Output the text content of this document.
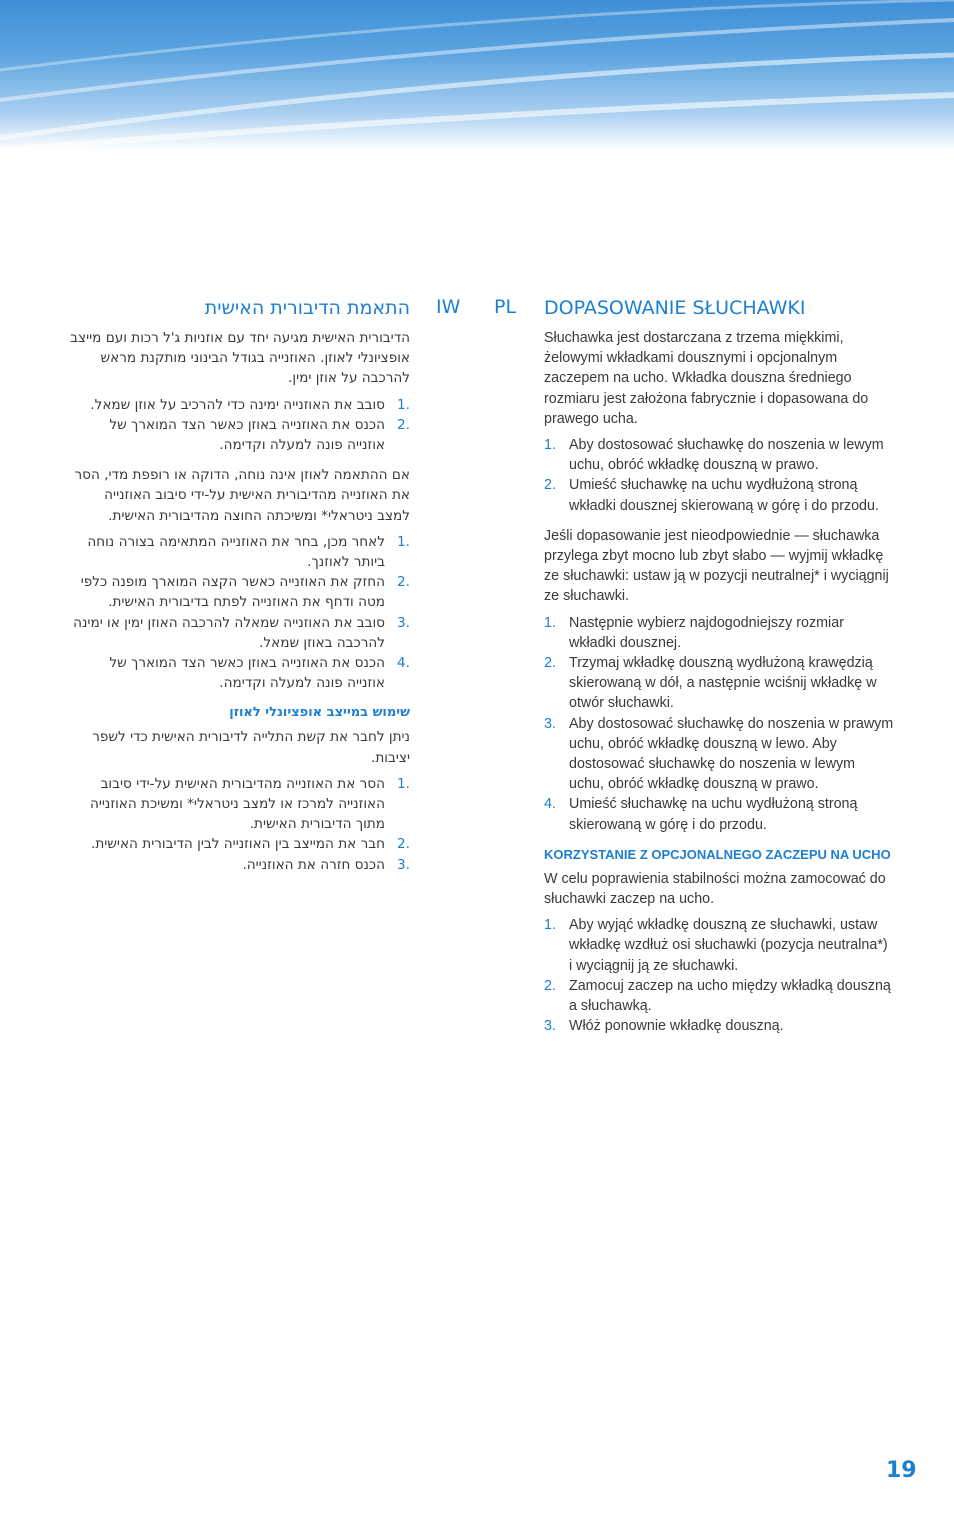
IW PL DOPASOWANIE SŁUCHAWKI

Słuchawka jest dostarczana z trzema miękkimi, żelowymi wkładkami dousznymi i opcjonalnym zaczepem na ucho. Wkładka douszna średniego rozmiaru jest założona fabrycznie i dopasowana do prawego ucha.

1. Aby dostosować słuchawkę do noszenia w lewym uchu, obróć wkładkę douszną w prawo.
2. Umieść słuchawkę na uchu wydłużoną stroną wkładki dousznej skierowaną w górę i do przodu.

Jeśli dopasowanie jest nieodpowiednie — słuchawka przylega zbyt mocno lub zbyt słabo — wyjmij wkładkę ze słuchawki: ustaw ją w pozycji neutralnej* i wyciągnij ze słuchawki.

1. Następnie wybierz najdogodniejszy rozmiar wkładki dousznej.
2. Trzymaj wkładkę douszną wydłużoną krawędzią skierowaną w dół, a następnie wciśnij wkładkę w otwór słuchawki.
3. Aby dostosować słuchawkę do noszenia w prawym uchu, obróć wkładkę douszną w lewo. Aby dostosować słuchawkę do noszenia w lewym uchu, obróć wkładkę douszną w prawo.
4. Umieść słuchawkę na uchu wydłużoną stroną skierowaną w górę i do przodu.
KORZYSTANIE Z OPCJONALNEGO ZACZEPU NA UCHO

W celu poprawienia stabilności można zamocować do słuchawki zaczep na ucho.

1. Aby wyjąć wkładkę douszną ze słuchawki, ustaw wkładkę wzdłuż osi słuchawki (pozycja neutralna*) i wyciągnij ją ze słuchawki.
2. Zamocuj zaczep na ucho między wkładką douszną a słuchawką.
3. Włóż ponownie wkładkę douszną.
התאמת הדיבורית האישית

הדיבורית האישית מגיעה יחד עם אוזניות ג'ל רכות ועם מייצב אופציונלי לאוזן. האוזנייה בגודל הבינוני מותקנת מראש להרכבה על אוזן ימין.

.1
סובב את האוזנייה ימינה כדי להרכיב על אוזן שמאל.
.2
הכנס את האוזנייה באוזן כאשר הצד המוארך של אוזנייה פונה למעלה וקדימה.

אם ההתאמה לאוזן אינה נוחה, הדוקה או רופפת מדי, הסר את האוזנייה מהדיבורית האישית על-ידי סיבוב האוזנייה למצב ניטראלי* ומשיכתה החוצה מהדיבורית האישית.

.1
לאחר מכן, בחר את האוזנייה המתאימה בצורה נוחה ביותר לאוזנך.
.2
החזק את האוזנייה כאשר הקצה המוארך מופנה כלפי מטה ודחף את האוזנייה לפתח בדיבורית האישית.
.3
סובב את האוזנייה שמאלה להרכבה האוזן ימין או ימינה להרכבה באוזן שמאל.
.4
הכנס את האוזנייה באוזן כאשר הצד המוארך של אוזנייה פונה למעלה וקדימה.
שימוש במייצב אופציונלי לאוזן

ניתן לחבר את קשת התלייה לדיבורית האישית כדי לשפר יציבות.

.1
הסר את האוזנייה מהדיבורית האישית על-ידי סיבוב האוזנייה למרכז או למצב ניטראלי* ומשיכת האוזנייה מתוך הדיבורית האישית.
.2
חבר את המייצב בין האוזנייה לבין הדיבורית האישית.
.3
הכנס חזרה את האוזנייה.
19
